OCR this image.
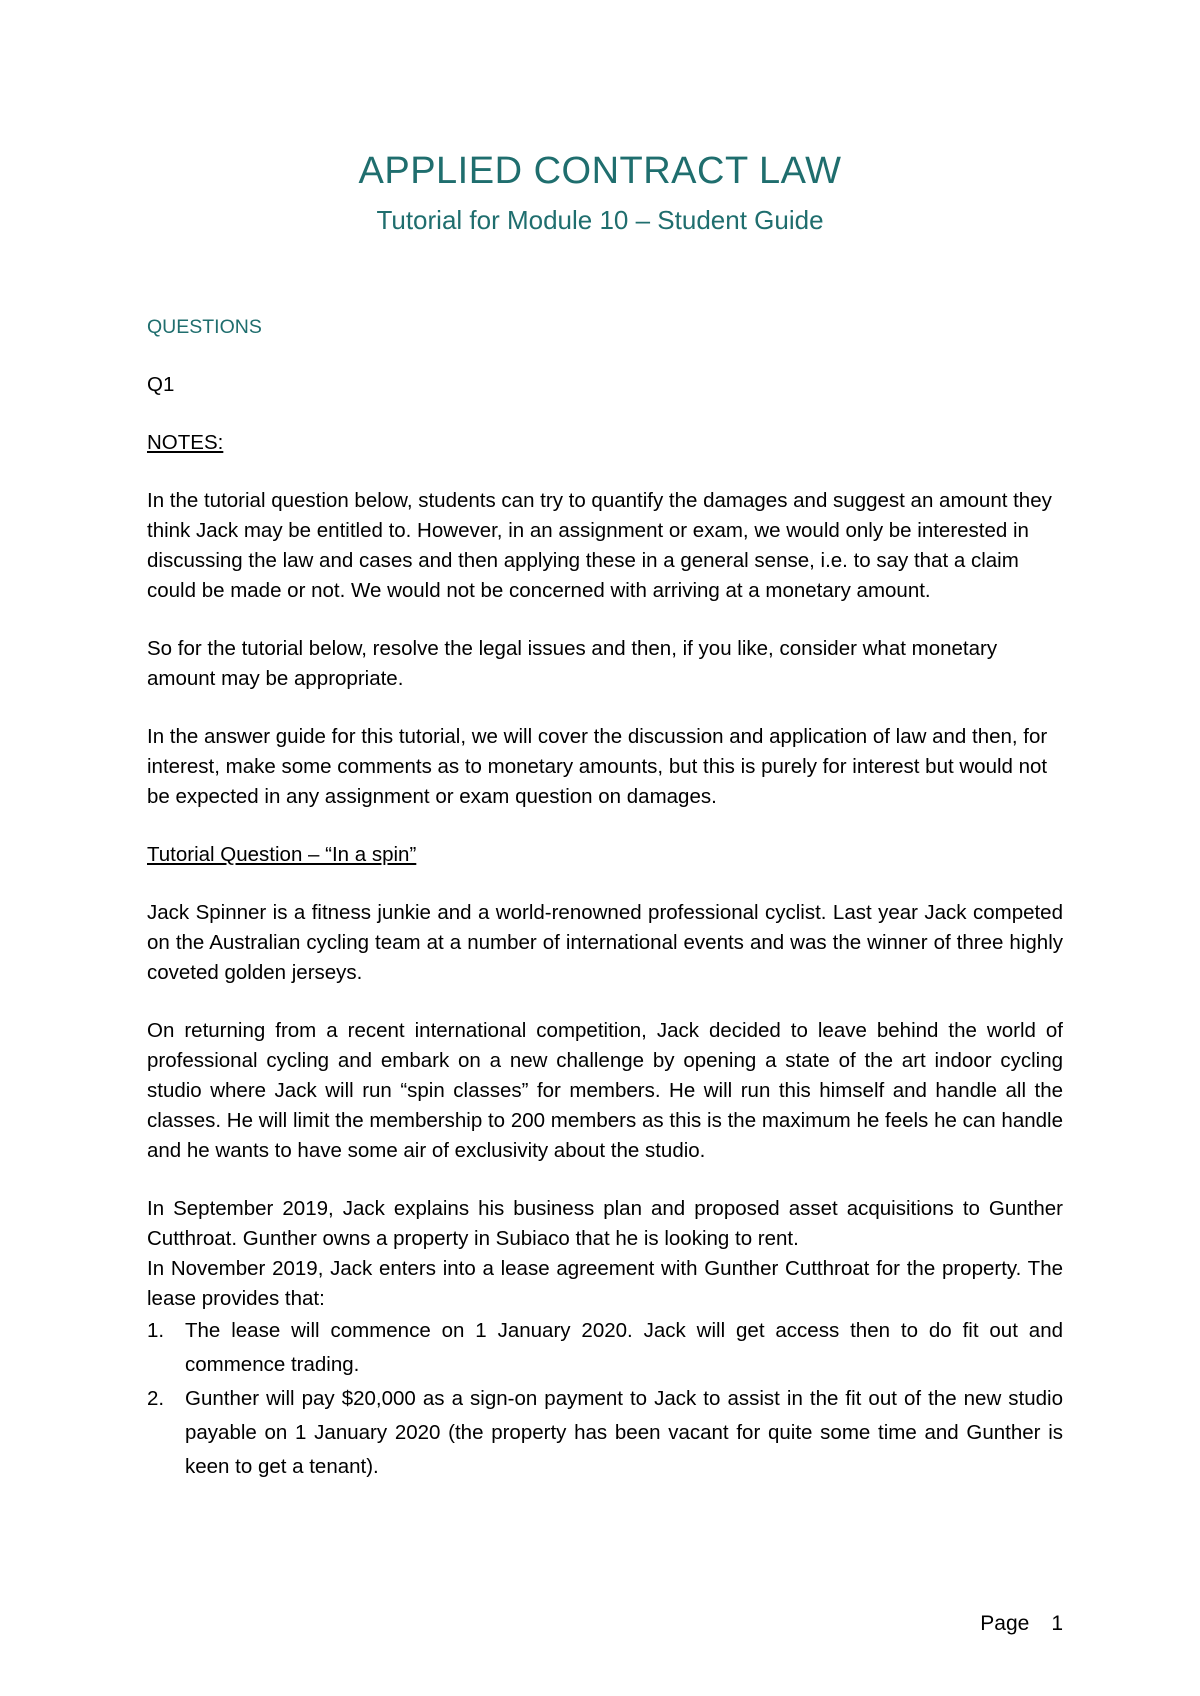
APPLIED CONTRACT LAW
Tutorial for Module 10 – Student Guide

QUESTIONS

Q1

NOTES:

In the tutorial question below, students can try to quantify the damages and suggest an amount they think Jack may be entitled to. However, in an assignment or exam, we would only be interested in discussing the law and cases and then applying these in a general sense, i.e. to say that a claim could be made or not. We would not be concerned with arriving at a monetary amount.

So for the tutorial below, resolve the legal issues and then, if you like, consider what monetary amount may be appropriate.

In the answer guide for this tutorial, we will cover the discussion and application of law and then, for interest, make some comments as to monetary amounts, but this is purely for interest but would not be expected in any assignment or exam question on damages.

Tutorial Question – “In a spin”

Jack Spinner is a fitness junkie and a world-renowned professional cyclist. Last year Jack competed on the Australian cycling team at a number of international events and was the winner of three highly coveted golden jerseys.

On returning from a recent international competition, Jack decided to leave behind the world of professional cycling and embark on a new challenge by opening a state of the art indoor cycling studio where Jack will run “spin classes” for members. He will run this himself and handle all the classes. He will limit the membership to 200 members as this is the maximum he feels he can handle and he wants to have some air of exclusivity about the studio.

In September 2019, Jack explains his business plan and proposed asset acquisitions to Gunther Cutthroat. Gunther owns a property in Subiaco that he is looking to rent.

In November 2019, Jack enters into a lease agreement with Gunther Cutthroat for the property. The lease provides that:

1. The lease will commence on 1 January 2020. Jack will get access then to do fit out and commence trading.
2. Gunther will pay $20,000 as a sign-on payment to Jack to assist in the fit out of the new studio payable on 1 January 2020 (the property has been vacant for quite some time and Gunther is keen to get a tenant).
Page 1
